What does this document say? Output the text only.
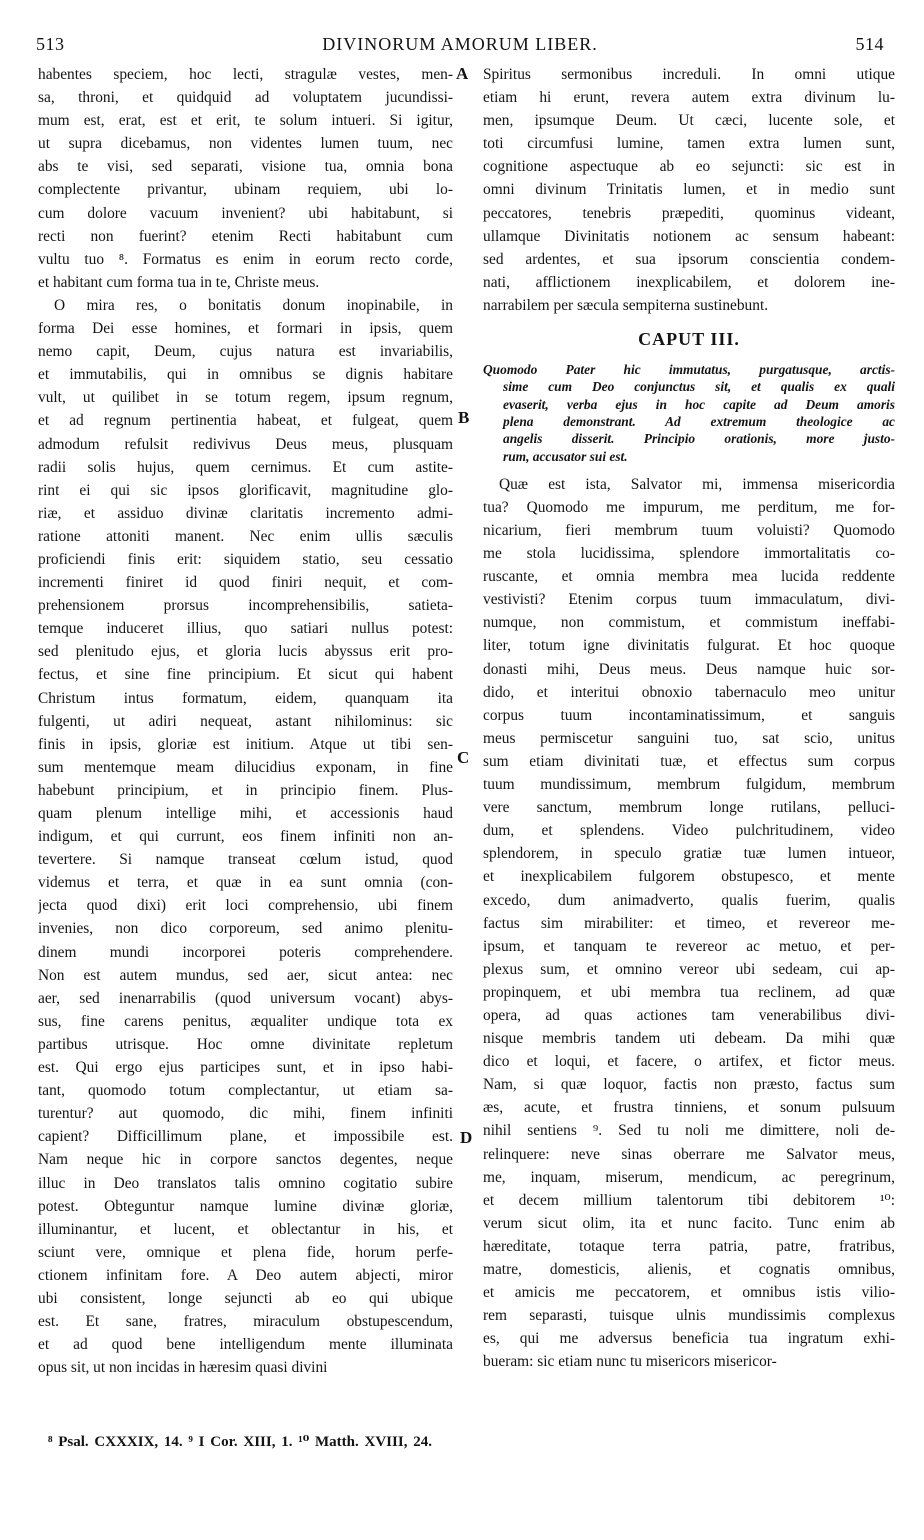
513	DIVINORUM AMORUM LIBER.	514
A
B
C
D
habentes speciem, hoc lecti, stragulæ vestes, men-
sa, throni, et quidquid ad voluptatem jucundissi-
mum est, erat, est et erit, te solum intueri. Si igitur,
ut supra dicebamus, non videntes lumen tuum, nec
abs te visi, sed separati, visione tua, omnia bona
complectente privantur, ubinam requiem, ubi lo-
cum dolore vacuum invenient? ubi habitabunt, si
recti non fuerint? etenim Recti habitabunt cum
vultu tuo ⁸. Formatus es enim in eorum recto corde,
et habitant cum forma tua in te, Christe meus.
O mira res, o bonitatis donum inopinabile, in
forma Dei esse homines, et formari in ipsis, quem
nemo capit, Deum, cujus natura est invariabilis,
et immutabilis, qui in omnibus se dignis habitare
vult, ut quilibet in se totum regem, ipsum regnum,
et ad regnum pertinentia habeat, et fulgeat, quem
admodum refulsit redivivus Deus meus, plusquam
radii solis hujus, quem cernimus. Et cum astite-
rint ei qui sic ipsos glorificavit, magnitudine glo-
riæ, et assiduo divinæ claritatis incremento admi-
ratione attoniti manent. Nec enim ullis sæculis
proficiendi finis erit: siquidem statio, seu cessatio
incrementi finiret id quod finiri nequit, et com-
prehensionem prorsus incomprehensibilis, satieta-
temque induceret illius, quo satiari nullus potest:
sed plenitudo ejus, et gloria lucis abyssus erit pro-
fectus, et sine fine principium. Et sicut qui habent
Christum intus formatum, eidem, quanquam ita
fulgenti, ut adiri nequeat, astant nihilominus: sic
finis in ipsis, gloriæ est initium. Atque ut tibi sen-
sum mentemque meam dilucidius exponam, in fine
habebunt principium, et in principio finem. Plus-
quam plenum intellige mihi, et accessionis haud
indigum, et qui currunt, eos finem infiniti non an-
tevertere. Si namque transeat cœlum istud, quod
videmus et terra, et quæ in ea sunt omnia (con-
jecta quod dixi) erit loci comprehensio, ubi finem
invenies, non dico corporeum, sed animo plenitu-
dinem mundi incorporei poteris comprehendere.
Non est autem mundus, sed aer, sicut antea: nec
aer, sed inenarrabilis (quod universum vocant) abys-
sus, fine carens penitus, æqualiter undique tota ex
partibus utrisque. Hoc omne divinitate repletum
est. Qui ergo ejus participes sunt, et in ipso habi-
tant, quomodo totum complectantur, ut etiam sa-
turentur? aut quomodo, dic mihi, finem infiniti
capient? Difficillimum plane, et impossibile est.
Nam neque hic in corpore sanctos degentes, neque
illuc in Deo translatos talis omnino cogitatio subire
potest. Obteguntur namque lumine divinæ gloriæ,
illuminantur, et lucent, et oblectantur in his, et
sciunt vere, omnique et plena fide, horum perfe-
ctionem infinitam fore. A Deo autem abjecti, miror
ubi consistent, longe sejuncti ab eo qui ubique
est. Et sane, fratres, miraculum obstupescendum,
et ad quod bene intelligendum mente illuminata
opus sit, ut non incidas in hæresim quasi divini
Spiritus sermonibus increduli. In omni utique
etiam hi erunt, revera autem extra divinum lu-
men, ipsumque Deum. Ut cæci, lucente sole, et
toti circumfusi lumine, tamen extra lumen sunt,
cognitione aspectuque ab eo sejuncti: sic est in
omni divinum Trinitatis lumen, et in medio sunt
peccatores, tenebris præpediti, quominus videant,
ullamque Divinitatis notionem ac sensum habeant:
sed ardentes, et sua ipsorum conscientia condem-
nati, afflictionem inexplicabilem, et dolorem ine-
narrabilem per sæcula sempiterna sustinebunt.
CAPUT III.
Quomodo Pater hic immutatus, purgatusque, arctis-
sime cum Deo conjunctus sit, et qualis ex quali
evaserit, verba ejus in hoc capite ad Deum amoris
plena demonstrant. Ad extremum theologice ac
angelis disserit. Principio orationis, more justo-
rum, accusator sui est.
Quæ est ista, Salvator mi, immensa misericordia
tua? Quomodo me impurum, me perditum, me for-
nicarium, fieri membrum tuum voluisti? Quomodo
me stola lucidissima, splendore immortalitatis co-
ruscante, et omnia membra mea lucida reddente
vestivisti? Etenim corpus tuum immaculatum, divi-
numque, non commistum, et commistum ineffabi-
liter, totum igne divinitatis fulgurat. Et hoc quoque
donasti mihi, Deus meus. Deus namque huic sor-
dido, et interitui obnoxio tabernaculo meo unitur
corpus tuum incontaminatissimum, et sanguis
meus permiscetur sanguini tuo, sat scio, unitus
sum etiam divinitati tuæ, et effectus sum corpus
tuum mundissimum, membrum fulgidum, membrum
vere sanctum, membrum longe rutilans, pelluci-
dum, et splendens. Video pulchritudinem, video
splendorem, in speculo gratiæ tuæ lumen intueor,
et inexplicabilem fulgorem obstupesco, et mente
excedo, dum animadverto, qualis fuerim, qualis
factus sim mirabiliter: et timeo, et revereor me-
ipsum, et tanquam te revereor ac metuo, et per-
plexus sum, et omnino vereor ubi sedeam, cui ap-
propinquem, et ubi membra tua reclinem, ad quæ
opera, ad quas actiones tam venerabilibus divi-
nisque membris tandem uti debeam. Da mihi quæ
dico et loqui, et facere, o artifex, et fictor meus.
Nam, si quæ loquor, factis non præsto, factus sum
æs, acute, et frustra tinniens, et sonum pulsuum
nihil sentiens ⁹. Sed tu noli me dimittere, noli de-
relinquere: neve sinas oberrare me Salvator meus,
me, inquam, miserum, mendicum, ac peregrinum,
et decem millium talentorum tibi debitorem ¹⁰:
verum sicut olim, ita et nunc facito. Tunc enim ab
hæreditate, totaque terra patria, patre, fratribus,
matre, domesticis, alienis, et cognatis omnibus,
et amicis me peccatorem, et omnibus istis vilio-
rem separasti, tuisque ulnis mundissimis complexus
es, qui me adversus beneficia tua ingratum exhi-
bueram: sic etiam nunc tu misericors misericor-
⁸ Psal. CXXXIX, 14. ⁹ I Cor. XIII, 1. ¹⁰ Matth. XVIII, 24.
